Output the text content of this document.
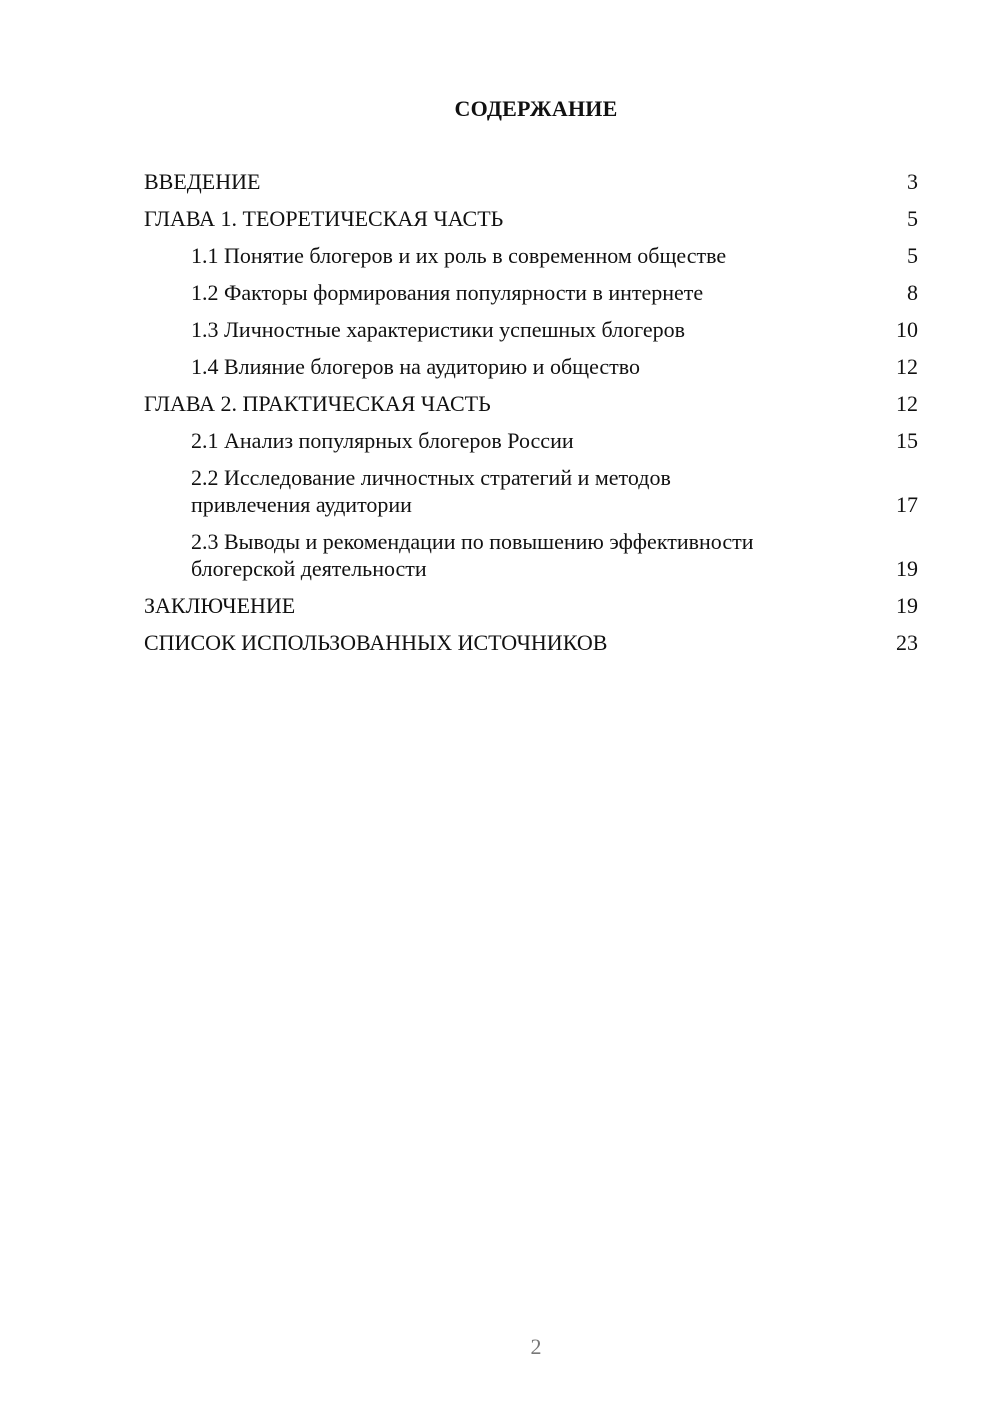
СОДЕРЖАНИЕ
ВВЕДЕНИЕ	3
ГЛАВА 1. ТЕОРЕТИЧЕСКАЯ ЧАСТЬ	5
1.1 Понятие блогеров и их роль в современном обществе	5
1.2 Факторы формирования популярности в интернете	8
1.3 Личностные характеристики успешных блогеров	10
1.4 Влияние блогеров на аудиторию и общество	12
ГЛАВА 2. ПРАКТИЧЕСКАЯ ЧАСТЬ	12
2.1 Анализ популярных блогеров России	15
2.2 Исследование личностных стратегий и методов привлечения аудитории	17
2.3 Выводы и рекомендации по повышению эффективности блогерской деятельности	19
ЗАКЛЮЧЕНИЕ	19
СПИСОК ИСПОЛЬЗОВАННЫХ ИСТОЧНИКОВ	23
2
